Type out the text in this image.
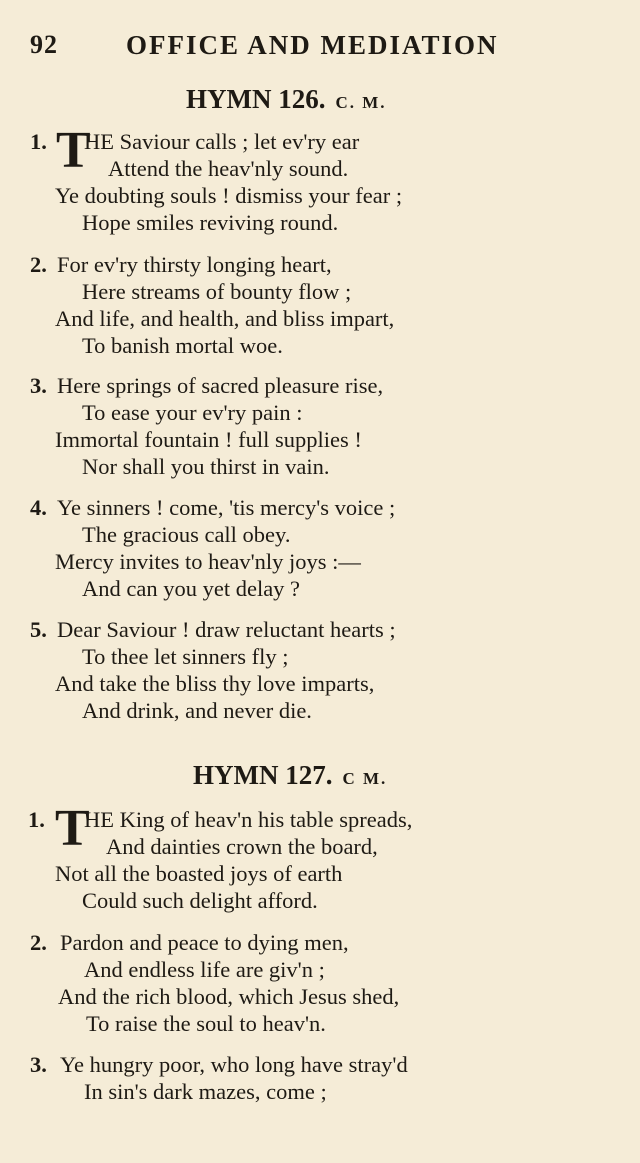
92	OFFICE AND MEDIATION
HYMN 126. C. M.
1. T
HE Saviour calls ; let ev'ry ear
Attend the heav'nly sound.
Ye doubting souls ! dismiss your fear ;
Hope smiles reviving round.
2. For ev'ry thirsty longing heart,
Here streams of bounty flow ;
And life, and health, and bliss impart,
To banish mortal woe.
3. Here springs of sacred pleasure rise,
To ease your ev'ry pain :
Immortal fountain ! full supplies !
Nor shall you thirst in vain.
4. Ye sinners ! come, 'tis mercy's voice ;
The gracious call obey.
Mercy invites to heav'nly joys :—
And can you yet delay ?
5. Dear Saviour ! draw reluctant hearts ;
To thee let sinners fly ;
And take the bliss thy love imparts,
And drink, and never die.
HYMN 127. C M.
1. T
HE King of heav'n his table spreads,
And dainties crown the board,
Not all the boasted joys of earth
Could such delight afford.
2. Pardon and peace to dying men,
And endless life are giv'n ;
And the rich blood, which Jesus shed,
To raise the soul to heav'n.
3. Ye hungry poor, who long have stray'd
In sin's dark mazes, come ;
